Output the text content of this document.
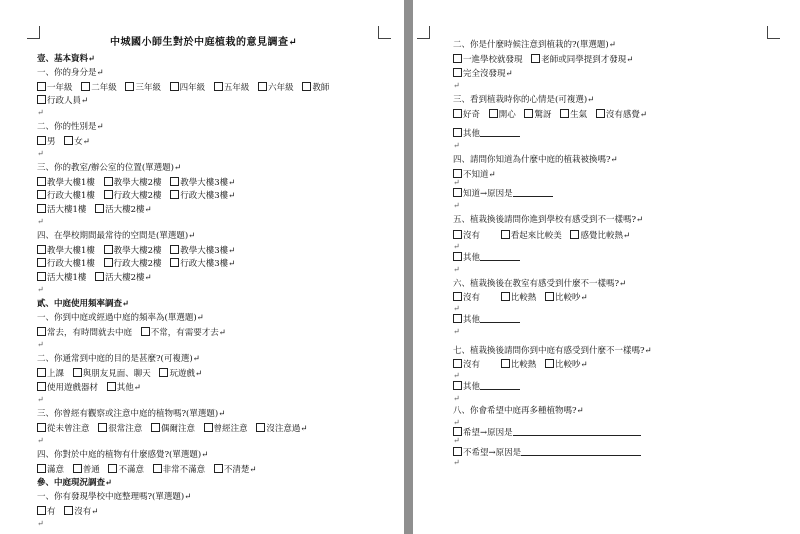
中城國小師生對於中庭植栽的意見調查↵
壹、基本資料↵
一、你的身分是↵
一年級 二年級 三年級 四年級 五年級 六年級 教師
行政人員↵
↵
二、你的性別是↵
男 女↵
↵
三、你的教室/辦公室的位置(單選題)↵
教學大樓1樓 教學大樓2樓 教學大樓3樓↵
行政大樓1樓 行政大樓2樓 行政大樓3樓↵
活大樓1樓 活大樓2樓↵
↵
四、在學校期間最常待的空間是(單選題)↵
教學大樓1樓 教學大樓2樓 教學大樓3樓↵
行政大樓1樓 行政大樓2樓 行政大樓3樓↵
活大樓1樓 活大樓2樓↵
↵
貳、中庭使用頻率調查↵
一、你到中庭或經過中庭的頻率為(單選題)↵
常去，有時間就去中庭 不常，有需要才去↵
↵
二、你通常到中庭的目的是甚麼?(可複選)↵
上課 與朋友見面、聊天 玩遊戲↵
使用遊戲器材 其他↵
↵
三、你曾經有觀察或注意中庭的植物嗎?(單選題)↵
從未曾注意 很常注意 偶爾注意 曾經注意 沒注意過↵
↵
四、你對於中庭的植物有什麼感覺?(單選題)↵
滿意 普通 不滿意 非常不滿意 不清楚↵
參、中庭現況調查↵
一、你有發現學校中庭整理嗎?(單選題)↵
有 沒有↵
↵
二、你是什麼時候注意到植栽的?(單選題)↵
一進學校就發現 老師或同學提到才發現↵
完全沒發現↵
↵
三、看到植栽時你的心情是(可複選)↵
好奇 開心 驚訝 生氣 沒有感覺↵
其他
↵
四、請問你知道為什麼中庭的植栽被換嗎?↵
不知道↵
↵
知道→原因是
↵
五、植栽換後請問你進到學校有感受到不一樣嗎?↵
沒有	看起來比較美 感覺比較熱↵
↵
其他
↵
六、植栽換後在教室有感受到什麼不一樣嗎?↵
沒有	比較熱 比較吵↵
↵
其他
↵
七、植栽換後請問你到中庭有感受到什麼不一樣嗎?↵
沒有	比較熱 比較吵↵
↵
其他
↵
八、你會希望中庭再多種植物嗎?↵
↵
希望→原因是
↵
不希望→原因是
↵
